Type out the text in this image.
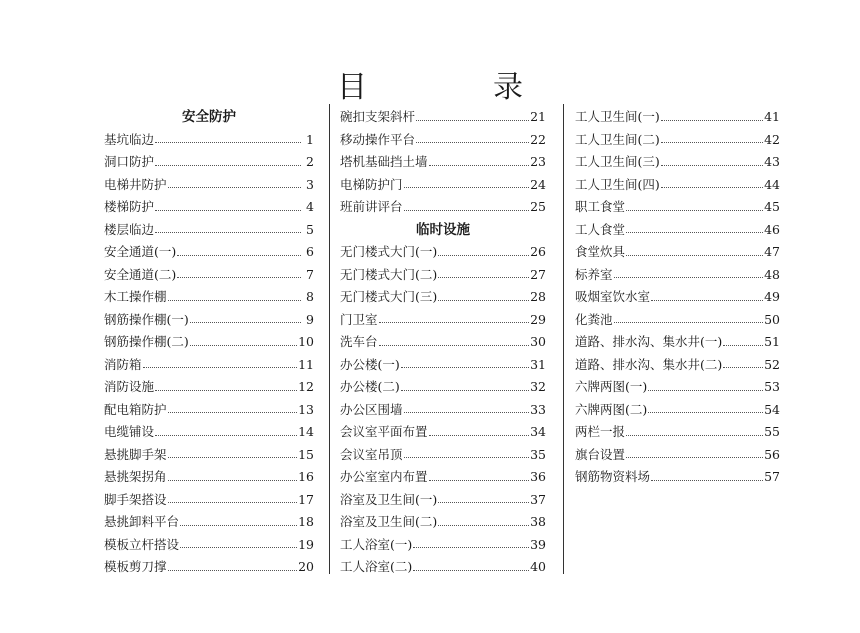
目　录
安全防护
基坑临边	1
洞口防护	2
电梯井防护	3
楼梯防护	4
楼层临边	5
安全通道(一)	6
安全通道(二)	7
木工操作棚	8
钢筋操作棚(一)	9
钢筋操作棚(二)	10
消防箱	11
消防设施	12
配电箱防护	13
电缆铺设	14
悬挑脚手架	15
悬挑架拐角	16
脚手架搭设	17
悬挑卸料平台	18
模板立杆搭设	19
模板剪刀撑	20
碗扣支架斜杆	21
移动操作平台	22
塔机基础挡土墙	23
电梯防护门	24
班前讲评台	25
临时设施
无门楼式大门(一)	26
无门楼式大门(二)	27
无门楼式大门(三)	28
门卫室	29
洗车台	30
办公楼(一)	31
办公楼(二)	32
办公区围墙	33
会议室平面布置	34
会议室吊顶	35
办公室室内布置	36
浴室及卫生间(一)	37
浴室及卫生间(二)	38
工人浴室(一)	39
工人浴室(二)	40
工人卫生间(一)	41
工人卫生间(二)	42
工人卫生间(三)	43
工人卫生间(四)	44
职工食堂	45
工人食堂	46
食堂炊具	47
标养室	48
吸烟室饮水室	49
化粪池	50
道路、排水沟、集水井(一)	51
道路、排水沟、集水井(二)	52
六牌两图(一)	53
六牌两图(二)	54
两栏一报	55
旗台设置	56
钢筋物资料场	57
